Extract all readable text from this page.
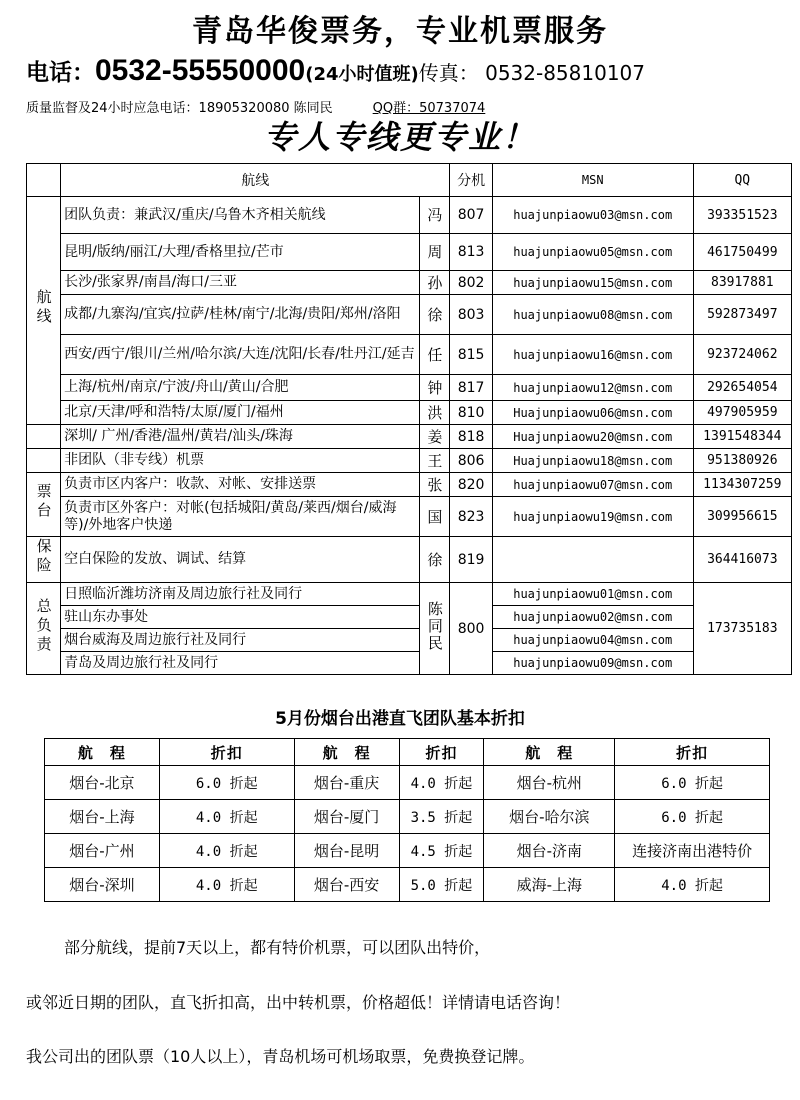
青岛华俊票务，专业机票服务
电话：0532-55550000(24小时值班)传真： 0532-85810107
质量监督及24小时应急电话：18905320080 陈同民	QQ群：50737074
专人专线更专业！
	航线		分机	MSN	QQ
航线	团队负责：兼武汉/重庆/乌鲁木齐相关航线	冯	807	huajunpiaowu03@msn.com	393351523
	昆明/版纳/丽江/大理/香格里拉/芒市	周	813	huajunpiaowu05@msn.com	461750499
	长沙/张家界/南昌/海口/三亚	孙	802	huajunpiaowu15@msn.com	83917881
	成都/九寨沟/宜宾/拉萨/桂林/南宁/北海/贵阳/郑州/洛阳	徐	803	huajunpiaowu08@msn.com	592873497
	西安/西宁/银川/兰州/哈尔滨/大连/沈阳/长春/牡丹江/延吉	任	815	huajunpiaowu16@msn.com	923724062
	上海/杭州/南京/宁波/舟山/黄山/合肥	钟	817	huajunpiaowu12@msn.com	292654054
	北京/天津/呼和浩特/太原/厦门/福州	洪	810	Huajunpiaowu06@msn.com	497905959
	深圳/ 广州/香港/温州/黄岩/汕头/珠海	姜	818	Huajunpiaowu20@msn.com	1391548344
	非团队（非专线）机票	王	806	Huajunpiaowu18@msn.com	951380926
票台	负责市区内客户：收款、对帐、安排送票	张	820	huajunpiaowu07@msn.com	1134307259
	负责市区外客户：对帐(包括城阳/黄岛/莱西/烟台/威海等)/外地客户快递	国	823	huajunpiaowu19@msn.com	309956615
保险	空白保险的发放、调试、结算	徐	819		364416073
总负责	日照临沂潍坊济南及周边旅行社及同行	陈同民	800	huajunpiaowu01@msn.com	173735183
	驻山东办事处			huajunpiaowu02@msn.com	
	烟台威海及周边旅行社及同行			huajunpiaowu04@msn.com	
	青岛及周边旅行社及同行			huajunpiaowu09@msn.com	
5月份烟台出港直飞团队基本折扣
航　程	折扣	航　程	折扣	航　程	折扣
烟台-北京	6.0 折起	烟台-重庆	4.0 折起	烟台-杭州	6.0 折起
烟台-上海	4.0 折起	烟台-厦门	3.5 折起	烟台-哈尔滨	6.0 折起
烟台-广州	4.0 折起	烟台-昆明	4.5 折起	烟台-济南	连接济南出港特价
烟台-深圳	4.0 折起	烟台-西安	5.0 折起	威海-上海	4.0 折起
部分航线，提前7天以上，都有特价机票，可以团队出特价，
或邻近日期的团队，直飞折扣高，出中转机票，价格超低！详情请电话咨询！
我公司出的团队票（10人以上），青岛机场可机场取票，免费换登记牌。
